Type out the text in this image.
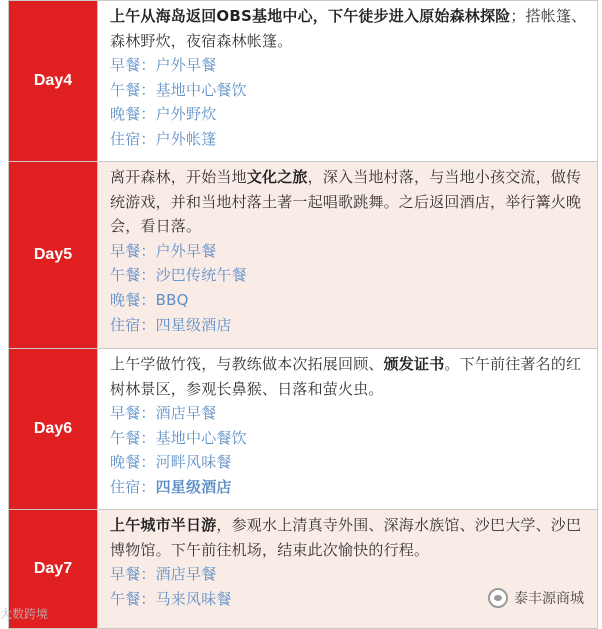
Day4
上午从海岛返回OBS基地中心，下午徒步进入原始森林探险；搭帐篷、森林野炊，夜宿森林帐篷。
早餐：户外早餐
午餐：基地中心餐饮
晚餐：户外野炊
住宿：户外帐篷
Day5
离开森林，开始当地文化之旅，深入当地村落，与当地小孩交流，做传统游戏，并和当地村落土著一起唱歌跳舞。之后返回酒店，举行篝火晚会，看日落。
早餐：户外早餐
午餐：沙巴传统午餐
晚餐：BBQ
住宿：四星级酒店
Day6
上午学做竹筏，与教练做本次拓展回顾、颁发证书。下午前往著名的红树林景区，参观长鼻猴、日落和萤火虫。
早餐：酒店早餐
午餐：基地中心餐饮
晚餐：河畔风味餐
住宿：四星级酒店
Day7
上午城市半日游，参观水上清真寺外围、深海水族馆、沙巴大学、沙巴博物馆。下午前往机场，结束此次愉快的行程。
早餐：酒店早餐
午餐：马来风味餐
大数跨境
泰丰源商城
